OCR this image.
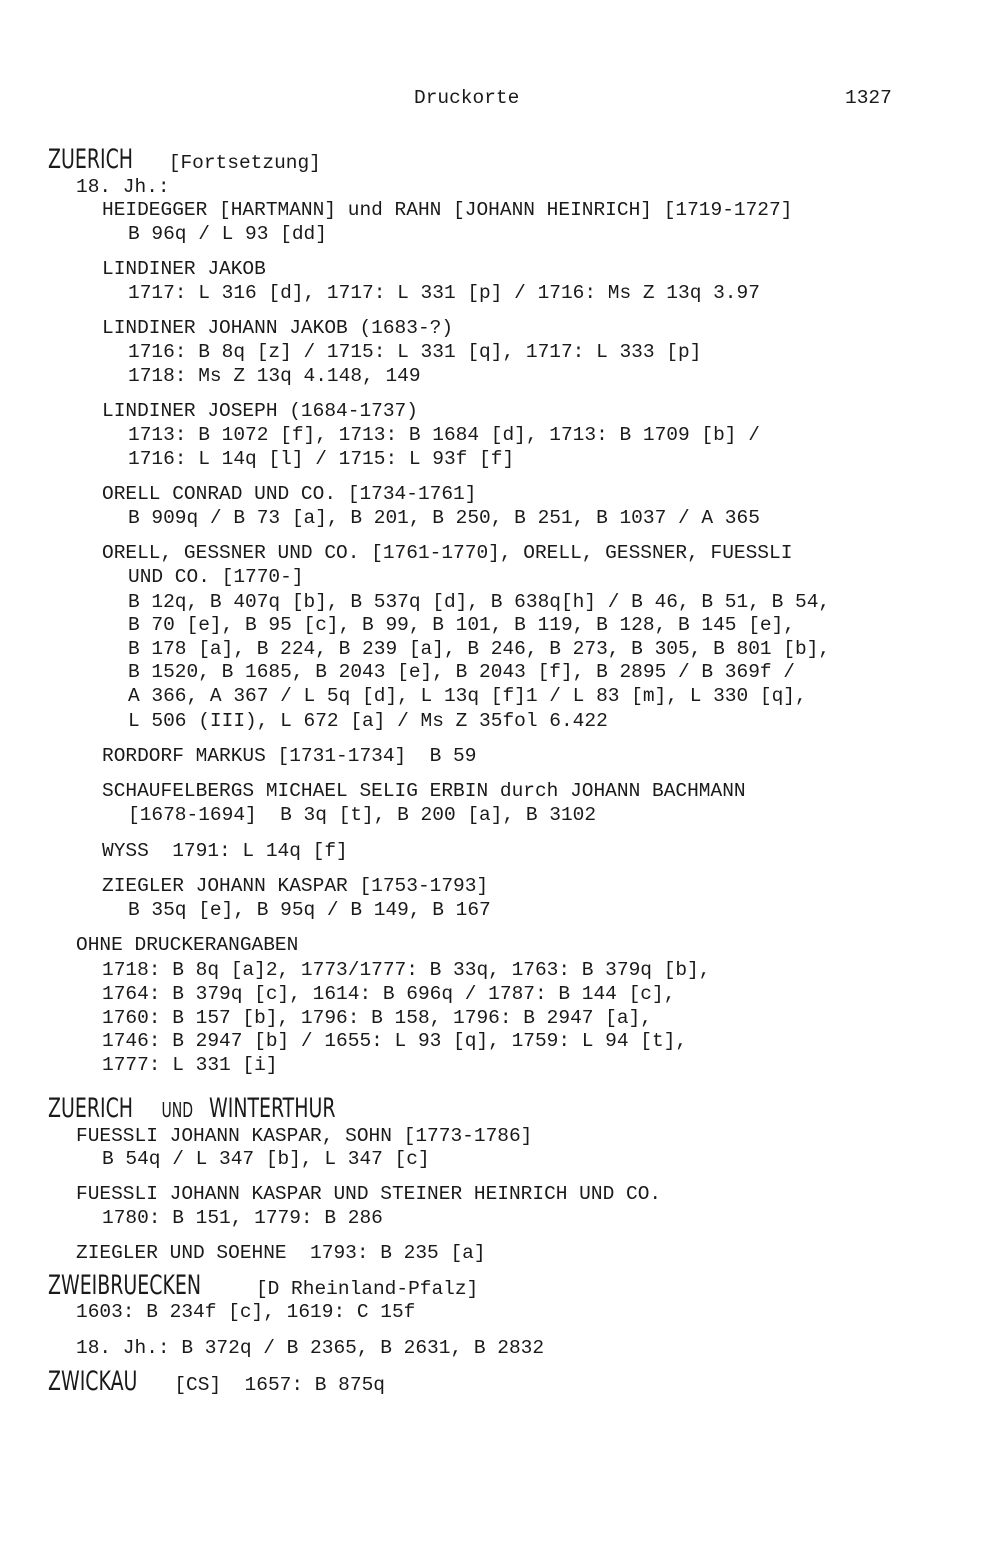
Druckorte	1327
ZUERICH [Fortsetzung]
18. Jh.:
HEIDEGGER [HARTMANN] und RAHN [JOHANN HEINRICH] [1719-1727]
B 96q / L 93 [dd]
LINDINER JAKOB
1717: L 316 [d], 1717: L 331 [p] / 1716: Ms Z 13q 3.97
LINDINER JOHANN JAKOB (1683-?)
1716: B 8q [z] / 1715: L 331 [q], 1717: L 333 [p]
1718: Ms Z 13q 4.148, 149
LINDINER JOSEPH (1684-1737)
1713: B 1072 [f], 1713: B 1684 [d], 1713: B 1709 [b] /
1716: L 14q [l] / 1715: L 93f [f]
ORELL CONRAD UND CO. [1734-1761]
B 909q / B 73 [a], B 201, B 250, B 251, B 1037 / A 365
ORELL, GESSNER UND CO. [1761-1770], ORELL, GESSNER, FUESSLI
UND CO. [1770-]
B 12q, B 407q [b], B 537q [d], B 638q[h] / B 46, B 51, B 54,
B 70 [e], B 95 [c], B 99, B 101, B 119, B 128, B 145 [e],
B 178 [a], B 224, B 239 [a], B 246, B 273, B 305, B 801 [b],
B 1520, B 1685, B 2043 [e], B 2043 [f], B 2895 / B 369f /
A 366, A 367 / L 5q [d], L 13q [f]1 / L 83 [m], L 330 [q],
L 506 (III), L 672 [a] / Ms Z 35fol 6.422
RORDORF MARKUS [1731-1734]  B 59
SCHAUFELBERGS MICHAEL SELIG ERBIN durch JOHANN BACHMANN
[1678-1694]  B 3q [t], B 200 [a], B 3102
WYSS  1791: L 14q [f]
ZIEGLER JOHANN KASPAR [1753-1793]
B 35q [e], B 95q / B 149, B 167
OHNE DRUCKERANGABEN
1718: B 8q [a]2, 1773/1777: B 33q, 1763: B 379q [b],
1764: B 379q [c], 1614: B 696q / 1787: B 144 [c],
1760: B 157 [b], 1796: B 158, 1796: B 2947 [a],
1746: B 2947 [b] / 1655: L 93 [q], 1759: L 94 [t],
1777: L 331 [i]
ZUERICH UND WINTERTHUR
FUESSLI JOHANN KASPAR, SOHN [1773-1786]
B 54q / L 347 [b], L 347 [c]
FUESSLI JOHANN KASPAR UND STEINER HEINRICH UND CO.
1780: B 151, 1779: B 286
ZIEGLER UND SOEHNE  1793: B 235 [a]
ZWEIBRUECKEN [D Rheinland-Pfalz]
1603: B 234f [c], 1619: C 15f
18. Jh.: B 372q / B 2365, B 2631, B 2832
ZWICKAU [CS]  1657: B 875q
